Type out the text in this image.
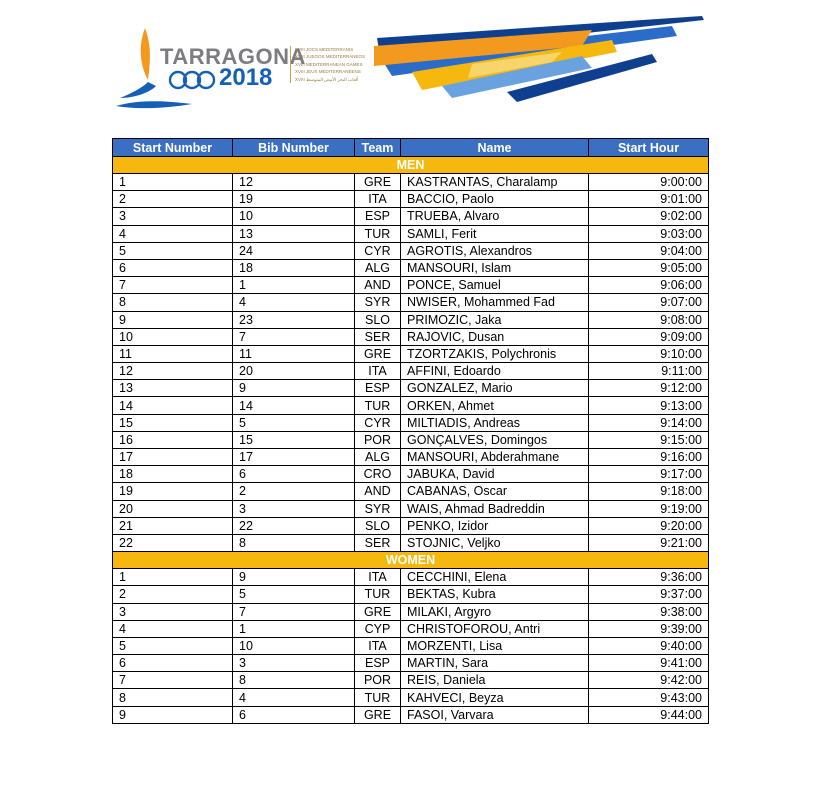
TARRAGONA
2018
XVIII JOCS MEDITERRANIS
XVIII JUEGOS MEDITERRÁNEOS
XVIII MEDITERRANEAN GAMES
XVIII JEUX MÉDITERRANÉENS
XVIII ألعاب البحر الأبيض المتوسط
Start Number	Bib Number	Team	Name	Start Hour
MEN				
1	12	GRE	KASTRANTAS, Charalamp	9:00:00
2	19	ITA	BACCIO, Paolo	9:01:00
3	10	ESP	TRUEBA, Alvaro	9:02:00
4	13	TUR	SAMLI, Ferit	9:03:00
5	24	CYR	AGROTIS, Alexandros	9:04:00
6	18	ALG	MANSOURI, Islam	9:05:00
7	1	AND	PONCE, Samuel	9:06:00
8	4	SYR	NWISER, Mohammed Fad	9:07:00
9	23	SLO	PRIMOZIC, Jaka	9:08:00
10	7	SER	RAJOVIC, Dusan	9:09:00
11	11	GRE	TZORTZAKIS, Polychronis	9:10:00
12	20	ITA	AFFINI, Edoardo	9:11:00
13	9	ESP	GONZALEZ, Mario	9:12:00
14	14	TUR	ORKEN, Ahmet	9:13:00
15	5	CYR	MILTIADIS, Andreas	9:14:00
16	15	POR	GONÇALVES, Domingos	9:15:00
17	17	ALG	MANSOURI, Abderahmane	9:16:00
18	6	CRO	JABUKA, David	9:17:00
19	2	AND	CABANAS, Oscar	9:18:00
20	3	SYR	WAIS, Ahmad Badreddin	9:19:00
21	22	SLO	PENKO, Izidor	9:20:00
22	8	SER	STOJNIC, Veljko	9:21:00
WOMEN				
1	9	ITA	CECCHINI, Elena	9:36:00
2	5	TUR	BEKTAS, Kubra	9:37:00
3	7	GRE	MILAKI, Argyro	9:38:00
4	1	CYP	CHRISTOFOROU, Antri	9:39:00
5	10	ITA	MORZENTI, Lisa	9:40:00
6	3	ESP	MARTIN, Sara	9:41:00
7	8	POR	REIS, Daniela	9:42:00
8	4	TUR	KAHVECI, Beyza	9:43:00
9	6	GRE	FASOI, Varvara	9:44:00
